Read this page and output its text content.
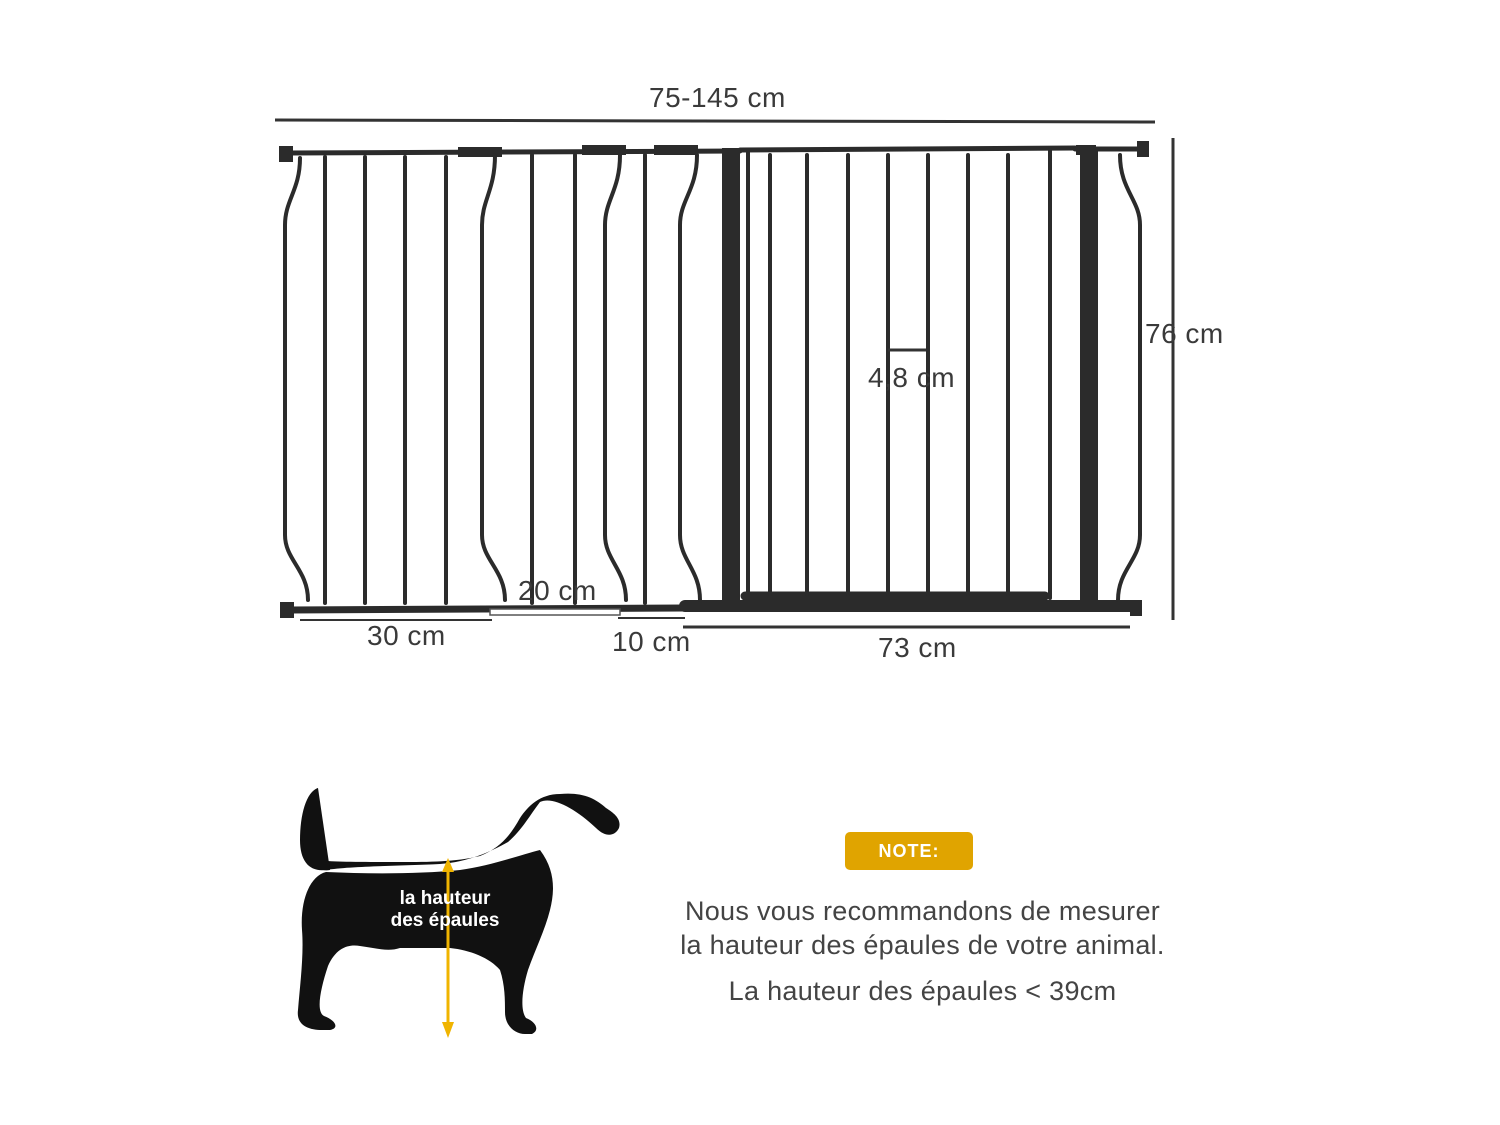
75-145 cm
76 cm
4,8 cm
20 cm
30 cm	10 cm	73 cm
la hauteur
des épaules
NOTE:
Nous vous recommandons de mesurer
la hauteur des épaules de votre animal.
La hauteur des épaules < 39cm
